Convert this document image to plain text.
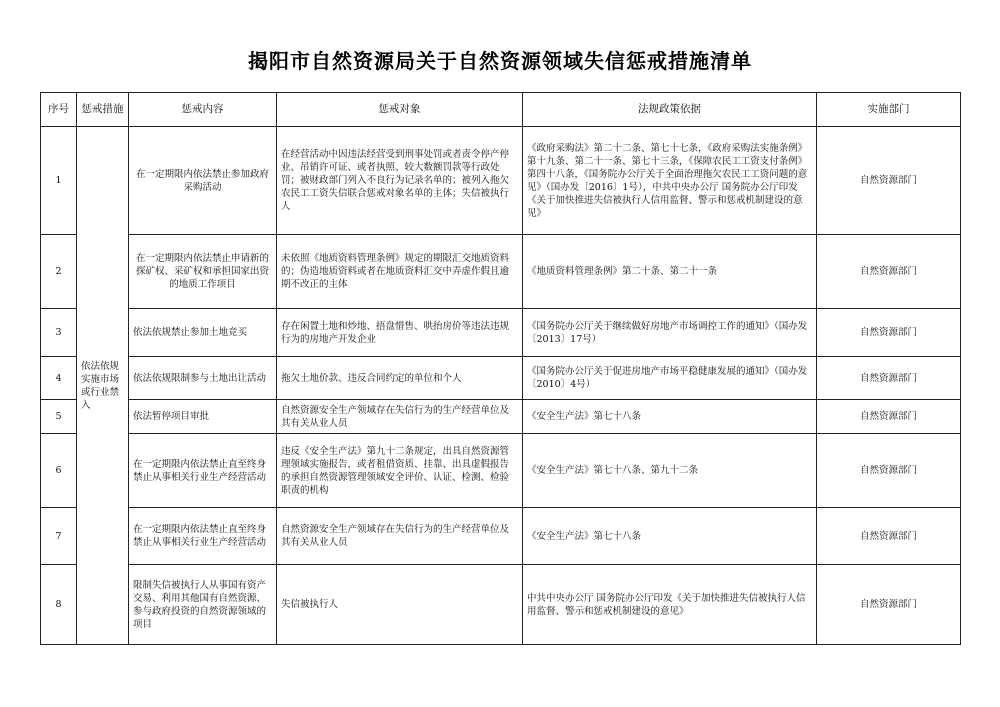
揭阳市自然资源局关于自然资源领域失信惩戒措施清单
序号	惩戒措施	惩戒内容	惩戒对象	法规政策依据	实施部门
1	依法依规实施市场或行业禁入	在一定期限内依法禁止参加政府采购活动	在经营活动中因违法经营受到刑事处罚或者责令停产停业、吊销许可证、或者执照、较大数额罚款等行政处罚；被财政部门列入不良行为记录名单的；被列入拖欠农民工工资失信联合惩戒对象名单的主体；失信被执行人	《政府采购法》第二十二条、第七十七条，《政府采购法实施条例》第十九条、第二十一条、第七十三条，《保障农民工工资支付条例》第四十八条，《国务院办公厅关于全面治理拖欠农民工工资问题的意见》（国办发〔2016〕1号），中共中央办公厅 国务院办公厅印发《关于加快推进失信被执行人信用监督、警示和惩戒机制建设的意见》	自然资源部门
2		在一定期限内依法禁止申请新的探矿权、采矿权和承担国家出资的地质工作项目	未依照《地质资料管理条例》规定的期限汇交地质资料的；伪造地质资料或者在地质资料汇交中弄虚作假且逾期不改正的主体	《地质资料管理条例》第二十条、第二十一条	自然资源部门
3		依法依规禁止参加土地竞买	存在闲置土地和炒地、捂盘惜售、哄抬房价等违法违规行为的房地产开发企业	《国务院办公厅关于继续做好房地产市场调控工作的通知》（国办发〔2013〕17号）	自然资源部门
4		依法依规限制参与土地出让活动	拖欠土地价款、违反合同约定的单位和个人	《国务院办公厅关于促进房地产市场平稳健康发展的通知》（国办发〔2010〕4号）	自然资源部门
5		依法暂停项目审批	自然资源安全生产领域存在失信行为的生产经营单位及其有关从业人员	《安全生产法》第七十八条	自然资源部门
6		在一定期限内依法禁止直至终身禁止从事相关行业生产经营活动	违反《安全生产法》第九十二条规定，出具自然资源管理领域实施报告，或者租借资质、挂靠、出具虚假报告的承担自然资源管理领域安全评价、认证、检测、检验职责的机构	《安全生产法》第七十八条、第九十二条	自然资源部门
7		在一定期限内依法禁止直至终身禁止从事相关行业生产经营活动	自然资源安全生产领域存在失信行为的生产经营单位及其有关从业人员	《安全生产法》第七十八条	自然资源部门
8		限制失信被执行人从事国有资产交易、利用其他国有自然资源、参与政府投资的自然资源领域的项目	失信被执行人	中共中央办公厅 国务院办公厅印发《关于加快推进失信被执行人信用监督、警示和惩戒机制建设的意见》	自然资源部门
